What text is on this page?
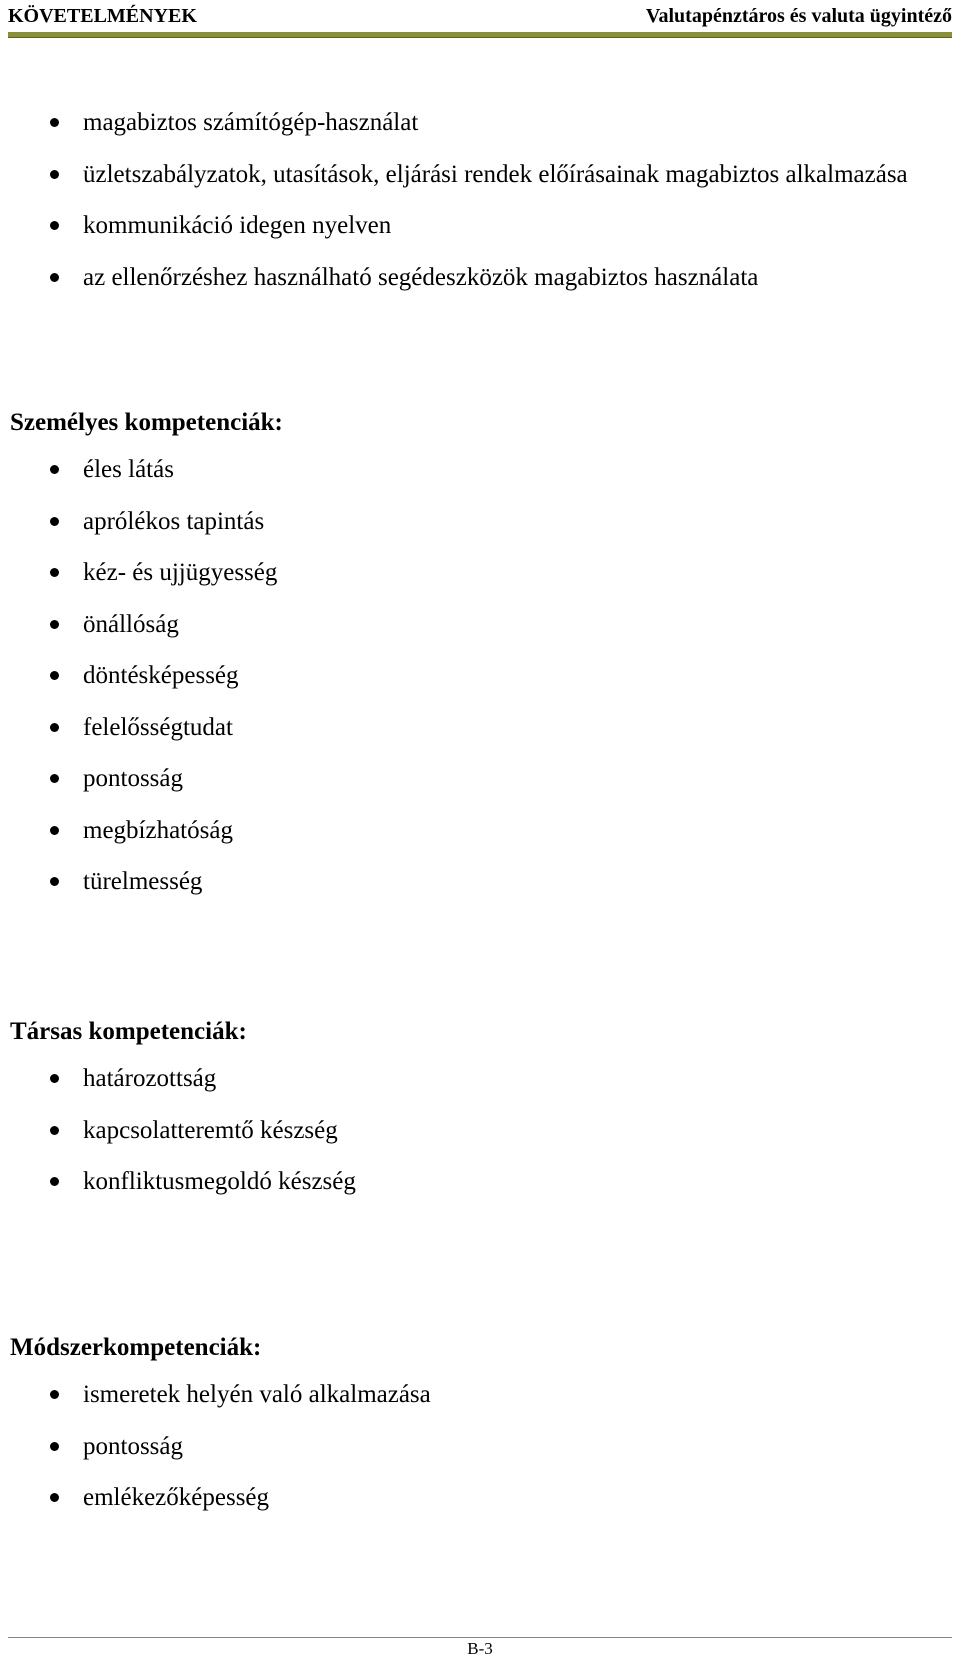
KÖVETELMÉNYEK	Valutapénztáros és valuta ügyintéző
magabiztos számítógép-használat
üzletszabályzatok, utasítások, eljárási rendek előírásainak magabiztos alkalmazása
kommunikáció idegen nyelven
az ellenőrzéshez használható segédeszközök magabiztos használata
Személyes kompetenciák:
éles látás
aprólékos tapintás
kéz- és ujjügyesség
önállóság
döntésképesség
felelősségtudat
pontosság
megbízhatóság
türelmesség
Társas kompetenciák:
határozottság
kapcsolatteremtő készség
konfliktusmegoldó készség
Módszerkompetenciák:
ismeretek helyén való alkalmazása
pontosság
emlékezőképesség
B-3
